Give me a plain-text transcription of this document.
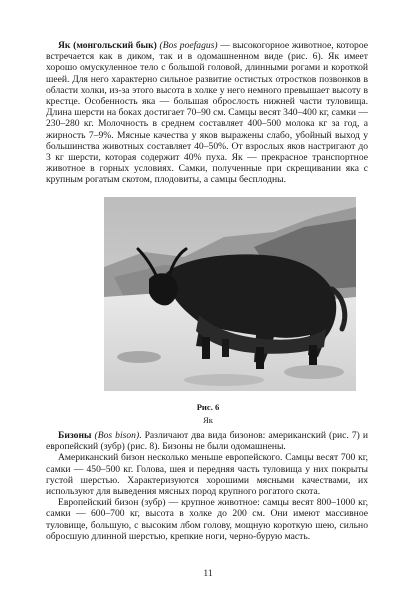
Як (монгольский бык) (Bos poefagus) — высокогорное животное, которое встречается как в диком, так и в одомашненном виде (рис. 6). Як имеет хорошо омускуленное тело с большой головой, длинными рогами и короткой шеей. Для него характерно сильное развитие остистых отростков позвонков в области холки, из-за этого высота в холке у него немного превышает высоту в крестце. Особенность яка — большая оброслость нижней части туловища. Длина шерсти на боках достигает 70–90 см. Самцы весят 340–400 кг, самки — 230–280 кг. Молочность в среднем составляет 400–500 молока кг за год, а жирность 7–9%. Мясные качества у яков выражены слабо, убойный выход у большинства животных составляет 40–50%. От взрослых яков настригают до 3 кг шерсти, которая содержит 40% пуха. Як — прекрасное транспортное животное в горных условиях. Самки, полученные при скрещивании яка с крупным рогатым скотом, плодовиты, а самцы бесплодны.

Рис. 6
Як

Бизоны (Bos bison). Различают два вида бизонов: американский (рис. 7) и европейский (зубр) (рис. 8). Бизоны не были одомашнены.

Американский бизон несколько меньше европейского. Самцы весят 700 кг, самки — 450–500 кг. Голова, шея и передняя часть туловища у них покрыты густой шерстью. Характеризуются хорошими мясными качествами, их используют для выведения мясных пород крупного рогатого скота.

Европейский бизон (зубр) — крупное животное: самцы весят 800–1000 кг, самки — 600–700 кг, высота в холке до 200 см. Они имеют массивное туловище, большую, с высоким лбом голову, мощную короткую шею, сильно обросшую длинной шерстью, крепкие ноги, черно-бурую масть.

11
